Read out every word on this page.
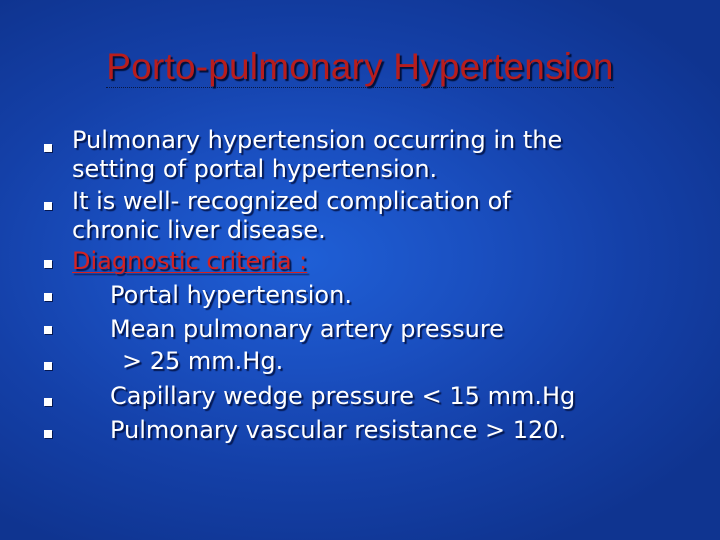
Porto-pulmonary Hypertension
Pulmonary hypertension occurring in the
setting of portal hypertension.
It is well- recognized complication of
chronic liver disease.
Diagnostic criteria :
Portal hypertension.
Mean pulmonary artery pressure
> 25 mm.Hg.
Capillary wedge pressure < 15 mm.Hg
Pulmonary vascular resistance > 120.
